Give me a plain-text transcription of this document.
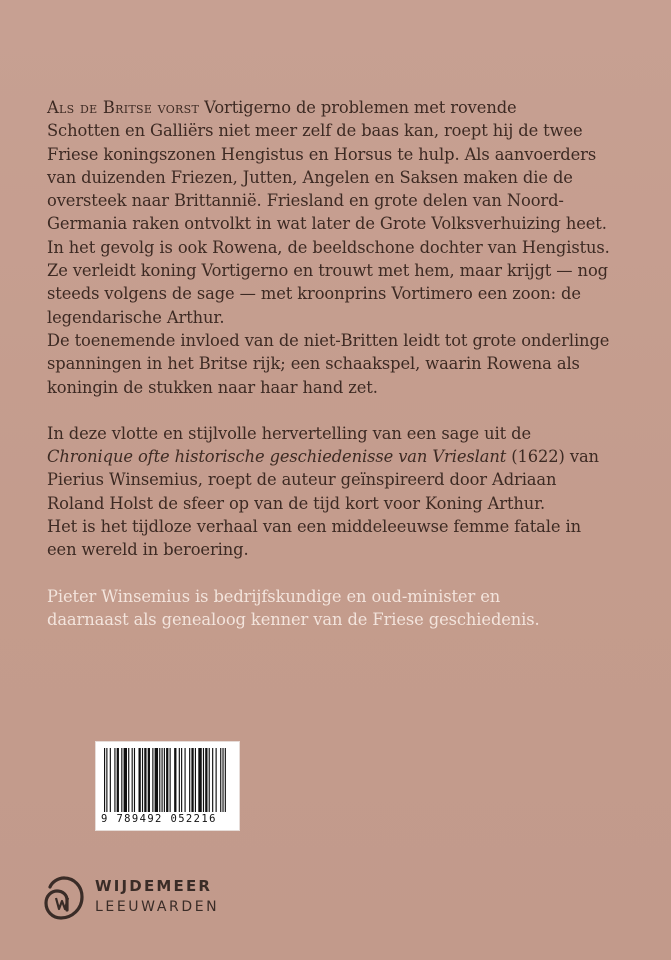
Als de Britse vorst Vortigerno de problemen met rovende
Schotten en Galliërs niet meer zelf de baas kan, roept hij de twee
Friese koningszonen Hengistus en Horsus te hulp. Als aanvoerders
van duizenden Friezen, Jutten, Angelen en Saksen maken die de
oversteek naar Brittannië. Friesland en grote delen van Noord-
Germania raken ontvolkt in wat later de Grote Volksverhuizing heet.
In het gevolg is ook Rowena, de beeldschone dochter van Hengistus.
Ze verleidt koning Vortigerno en trouwt met hem, maar krijgt — nog
steeds volgens de sage — met kroonprins Vortimero een zoon: de
legendarische Arthur.

De toenemende invloed van de niet-Britten leidt tot grote onderlinge
spanningen in het Britse rijk; een schaakspel, waarin Rowena als
koningin de stukken naar haar hand zet.

In deze vlotte en stijlvolle hervertelling van een sage uit de
Chronique ofte historische geschiedenisse van Vrieslant (1622) van
Pierius Winsemius, roept de auteur geïnspireerd door Adriaan
Roland Holst de sfeer op van de tijd kort voor Koning Arthur.
Het is het tijdloze verhaal van een middeleeuwse femme fatale in
een wereld in beroering.

Pieter Winsemius is bedrijfskundige en oud-minister en
daarnaast als genealoog kenner van de Friese geschiedenis.

9 789492 052216
WIJDEMEER
LEEUWARDEN
